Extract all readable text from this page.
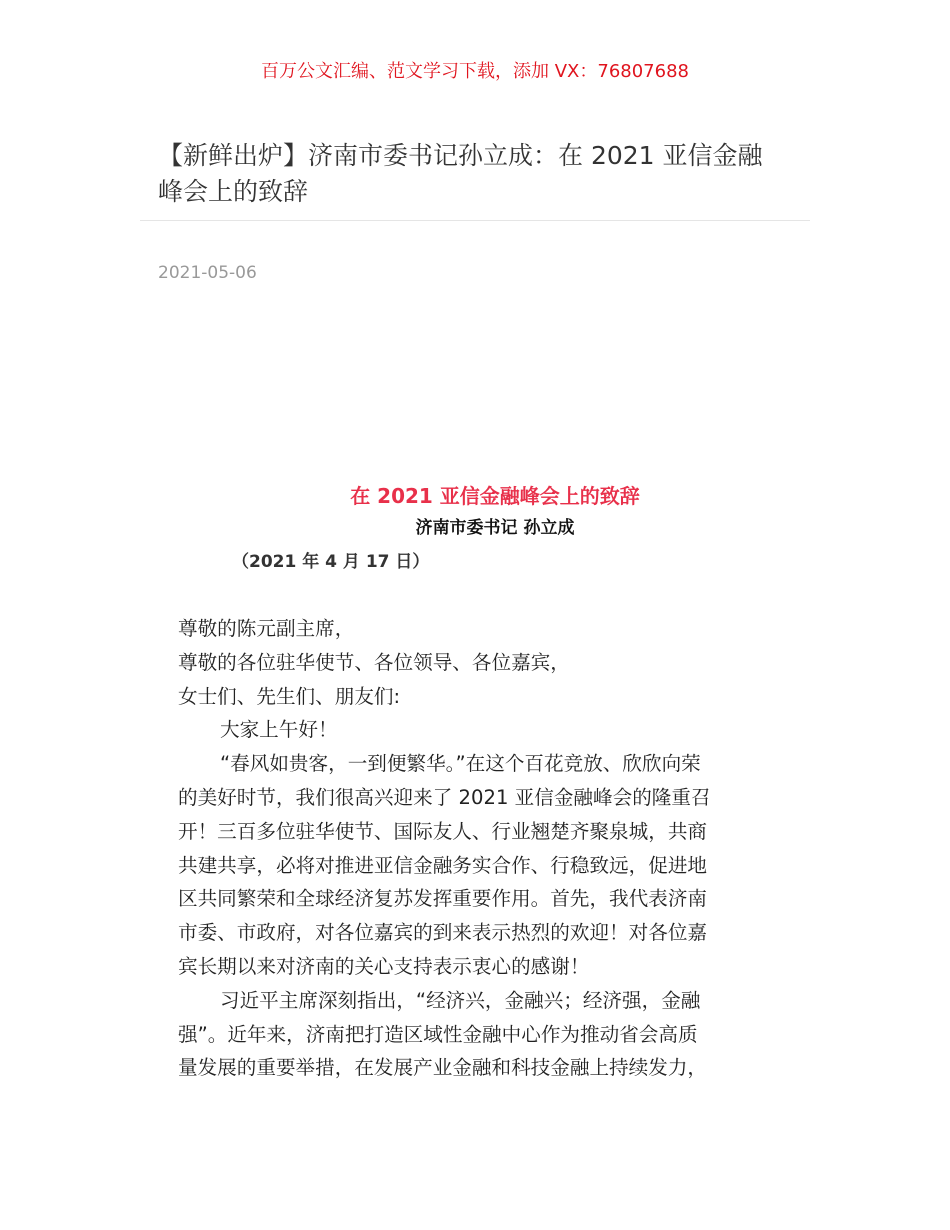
百万公文汇编、范文学习下载，添加 VX：76807688
【新鲜出炉】济南市委书记孙立成：在 2021 亚信金融
峰会上的致辞
2021-05-06
在 2021 亚信金融峰会上的致辞
济南市委书记 孙立成
（2021 年 4 月 17 日）
尊敬的陈元副主席，
尊敬的各位驻华使节、各位领导、各位嘉宾，
女士们、先生们、朋友们:
大家上午好！
“春风如贵客，一到便繁华。”在这个百花竞放、欣欣向荣
的美好时节，我们很高兴迎来了 2021 亚信金融峰会的隆重召
开！三百多位驻华使节、国际友人、行业翘楚齐聚泉城，共商
共建共享，必将对推进亚信金融务实合作、行稳致远，促进地
区共同繁荣和全球经济复苏发挥重要作用。首先，我代表济南
市委、市政府，对各位嘉宾的到来表示热烈的欢迎！对各位嘉
宾长期以来对济南的关心支持表示衷心的感谢！
习近平主席深刻指出，“经济兴，金融兴；经济强，金融
强”。近年来，济南把打造区域性金融中心作为推动省会高质
量发展的重要举措，在发展产业金融和科技金融上持续发力，
